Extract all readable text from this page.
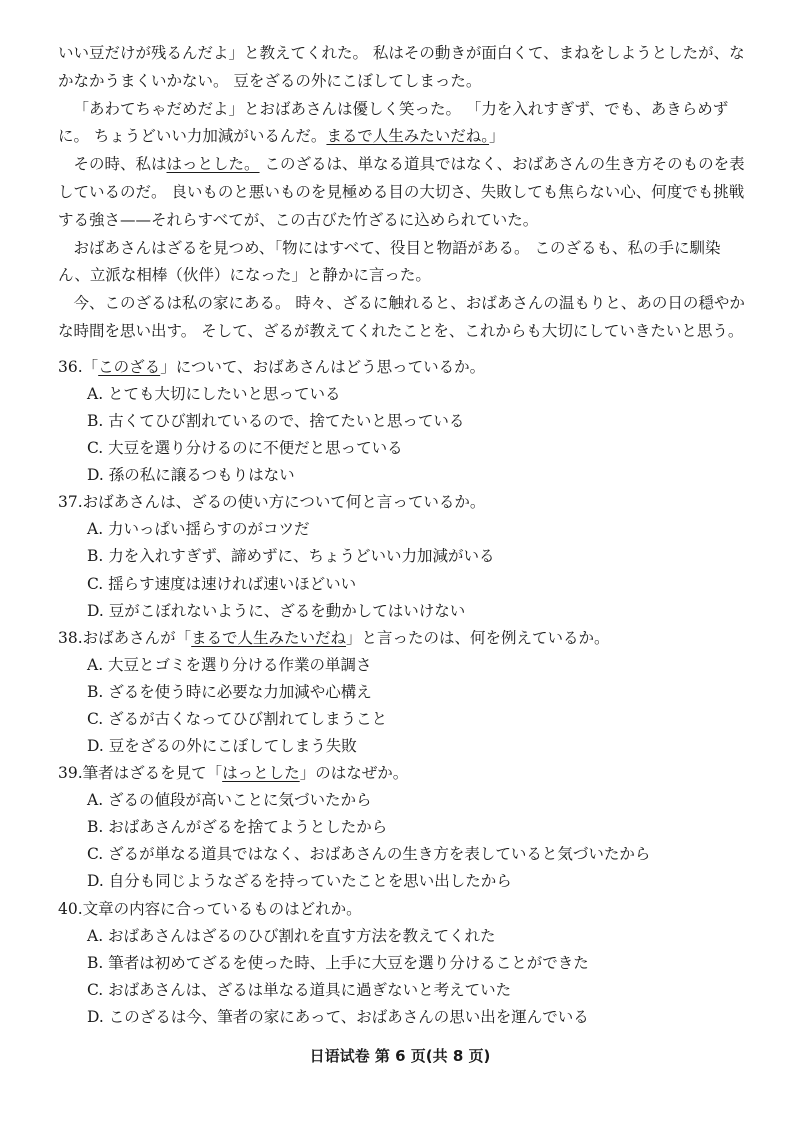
いい豆だけが残るんだよ」と教えてくれた。 私はその動きが面白くて、まねをしようとしたが、なかなかうまくいかない。 豆をざるの外にこぼしてしまった。

「あわてちゃだめだよ」とおばあさんは優しく笑った。 「力を入れすぎず、でも、あきらめずに。 ちょうどいい力加減がいるんだ。まるで人生みたいだね。」

その時、私ははっとした。 このざるは、単なる道具ではなく、おばあさんの生き方そのものを表しているのだ。 良いものと悪いものを見極める目の大切さ、失敗しても焦らない心、何度でも挑戦する強さ——それらすべてが、この古びた竹ざるに込められていた。

おばあさんはざるを見つめ、「物にはすべて、役目と物語がある。 このざるも、私の手に馴染ん、立派な相棒（伙伴）になった」と静かに言った。

今、このざるは私の家にある。 時々、ざるに触れると、おばあさんの温もりと、あの日の穏やかな時間を思い出す。 そして、ざるが教えてくれたことを、これからも大切にしていきたいと思う。

36.「このざる」について、おばあさんはどう思っているか。
A. とても大切にしたいと思っている
B. 古くてひび割れているので、捨てたいと思っている
C. 大豆を選り分けるのに不便だと思っている
D. 孫の私に譲るつもりはない
37.おばあさんは、ざるの使い方について何と言っているか。
A. 力いっぱい揺らすのがコツだ
B. 力を入れすぎず、諦めずに、ちょうどいい力加減がいる
C. 揺らす速度は速ければ速いほどいい
D. 豆がこぼれないように、ざるを動かしてはいけない
38.おばあさんが「まるで人生みたいだね」と言ったのは、何を例えているか。
A. 大豆とゴミを選り分ける作業の単調さ
B. ざるを使う時に必要な力加減や心構え
C. ざるが古くなってひび割れてしまうこと
D. 豆をざるの外にこぼしてしまう失敗
39.筆者はざるを見て「はっとした」のはなぜか。
A. ざるの値段が高いことに気づいたから
B. おばあさんがざるを捨てようとしたから
C. ざるが単なる道具ではなく、おばあさんの生き方を表していると気づいたから
D. 自分も同じようなざるを持っていたことを思い出したから
40.文章の内容に合っているものはどれか。
A. おばあさんはざるのひび割れを直す方法を教えてくれた
B. 筆者は初めてざるを使った時、上手に大豆を選り分けることができた
C. おばあさんは、ざるは単なる道具に過ぎないと考えていた
D. このざるは今、筆者の家にあって、おばあさんの思い出を運んでいる
日语试卷 第 6 页(共 8 页)
